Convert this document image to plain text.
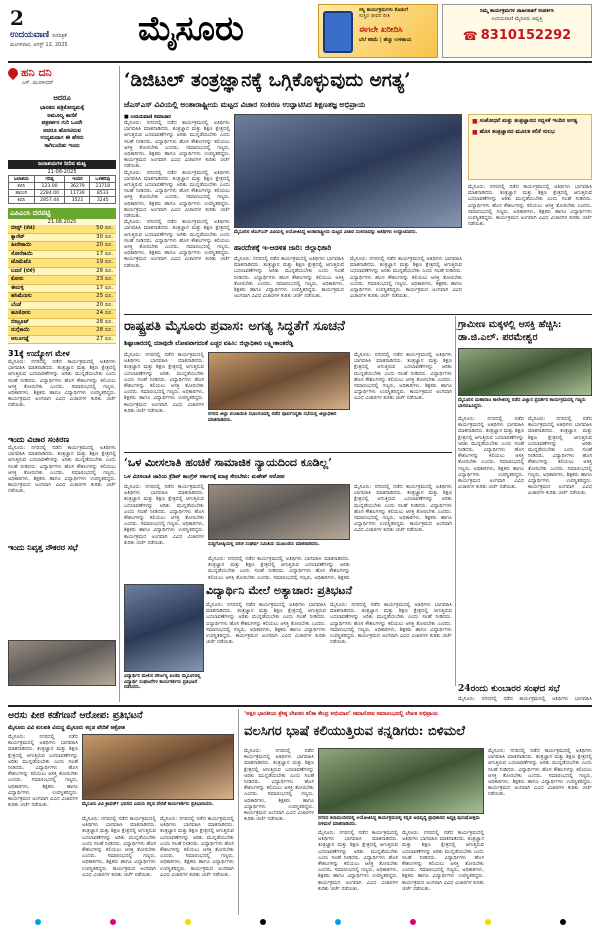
2
ಉದಯವಾಣಿ ದಿನಪತ್ರಿಕೆ
ಮಂಗಳವಾರ, ಆಗಸ್ಟ್ 12, 2025	ಮೈಸೂರು	ಸಸ್ಯಿ ಕಾರ್ಯಕ್ರಮಗಳು ಕೊಡುಗೆ
ಸುಸ್ಥಿರ ಜೀವನ ರೀತಿ
ಈಗಲೇ ಖರೀದಿಸಿ
ಬೆಲೆ ಕಡಿಮೆ | ಹೆಚ್ಚು ಉಳಿತಾಯ
ನಿಮ್ಮ ಕಾರ್ಯಕ್ರಮಗಳ ಜಾಹೀರಾತಿಗೆ ಸಂಪರ್ಕಿಸಿ
ಉದಯವಾಣಿ ಮೈಸೂರು ಆವೃತ್ತಿ
☎ 8310152292
ಹನಿ ದನಿ
ಎಸ್. ಮುರಳೀಧರ್
ಆದರೂ
ಭಾರತದ ಪತ್ರಿಕೋದ್ಯಮಕ್ಕೆ
ಅಮೂಲ್ಯ ಕಾಣಿಕೆ
ಪತ್ರಕರ್ತರ ಗುರಿ ಒಂದೇ
ಆದರೂ ಹೊರಟಿರುವ
ಉದ್ಯಮದಾಗ ಈ ಹೆಸರು
ಸಾಗಿಬಂದಿತು ಇಂದು
ಜಲಾಶಯಗಳ ನೀರಿನ ಮಟ್ಟ
21-08-2025
ಜಲಾಶಯ	ಗರಿಷ್ಠ	ಇಂದಿನ	ಒಳಹರಿವು
ಕಬಿನಿ	123.00	36279	23718
ಹಾರಂಗಿ	2284.00	11739	8533
ಕಬಿನಿ	2857.44	3522	3245
ಎಪಿಎಂಸಿ ದರಪಟ್ಟಿ
21.08.2025
ಬೀನ್ಸ್ (ಕೆಜಿ)	50 ರೂ.
ಕ್ಯಾರೆಟ್	30 ರೂ.
ಹೀರೇಕಾಯಿ	20 ರೂ.
ಸೋರೆಕಾಯಿ	17 ರೂ.
ಟೊಮೆಟೊ	19 ರೂ.
ಬದನೆ (ಬಿಳಿ)	28 ರೂ.
ಕೋಸು	23 ರೂ.
ಈರುಳ್ಳಿ	17 ರೂ.
ಹಸಿಮೆಣಸು	25 ರೂ.
ಬೆಂಡೆ	20 ರೂ.
ಹೂಕೋಸು	24 ರೂ.
ಬೀಟ್ರೂಟ್	28 ರೂ.
ನುಗ್ಗೆಕಾಯಿ	28 ರೂ.
ಆಲೂಗಡ್ಡೆ	27 ರೂ.
31ಕ್ಕೆ ಉದ್ಯೋಗ ಮೇಳ
ಮೈಸೂರು: ನಗರದಲ್ಲಿ ನಡೆದ ಕಾರ್ಯಕ್ರಮದಲ್ಲಿ ಅತಿಥಿಗಳು ಭಾಗವಹಿಸಿ ಮಾತನಾಡಿದರು. ತಂತ್ರಜ್ಞಾನ ಮತ್ತು ಶಿಕ್ಷಣ ಕ್ಷೇತ್ರದಲ್ಲಿ ಆಗುತ್ತಿರುವ ಬದಲಾವಣೆಗಳನ್ನು ಅರಿತು ಮುನ್ನಡೆಯಬೇಕು ಎಂದು ಸಲಹೆ ನೀಡಿದರು. ವಿದ್ಯಾರ್ಥಿಗಳು ಹೊಸ ಕೌಶಲಗಳನ್ನು ಕಲಿಯಲು ಆಸಕ್ತಿ ತೋರಬೇಕು ಎಂದರು. ಸಮಾರಂಭದಲ್ಲಿ ಗಣ್ಯರು, ಅಧಿಕಾರಿಗಳು, ಶಿಕ್ಷಕರು ಹಾಗೂ ವಿದ್ಯಾರ್ಥಿಗಳು ಉಪಸ್ಥಿತರಿದ್ದರು. ಕಾರ್ಯಕ್ರಮದ ಅಂಗವಾಗಿ ವಿವಿಧ ವಿಚಾರಗಳ ಕುರಿತು ಚರ್ಚೆ ನಡೆಯಿತು.
ಇಂದು ವಿಚಾರ ಸಂಕಿರಣ
ಮೈಸೂರು: ನಗರದಲ್ಲಿ ನಡೆದ ಕಾರ್ಯಕ್ರಮದಲ್ಲಿ ಅತಿಥಿಗಳು ಭಾಗವಹಿಸಿ ಮಾತನಾಡಿದರು. ತಂತ್ರಜ್ಞಾನ ಮತ್ತು ಶಿಕ್ಷಣ ಕ್ಷೇತ್ರದಲ್ಲಿ ಆಗುತ್ತಿರುವ ಬದಲಾವಣೆಗಳನ್ನು ಅರಿತು ಮುನ್ನಡೆಯಬೇಕು ಎಂದು ಸಲಹೆ ನೀಡಿದರು. ವಿದ್ಯಾರ್ಥಿಗಳು ಹೊಸ ಕೌಶಲಗಳನ್ನು ಕಲಿಯಲು ಆಸಕ್ತಿ ತೋರಬೇಕು ಎಂದರು. ಸಮಾರಂಭದಲ್ಲಿ ಗಣ್ಯರು, ಅಧಿಕಾರಿಗಳು, ಶಿಕ್ಷಕರು ಹಾಗೂ ವಿದ್ಯಾರ್ಥಿಗಳು ಉಪಸ್ಥಿತರಿದ್ದರು. ಕಾರ್ಯಕ್ರಮದ ಅಂಗವಾಗಿ ವಿವಿಧ ವಿಚಾರಗಳ ಕುರಿತು ಚರ್ಚೆ ನಡೆಯಿತು.
ಇಂದು ನಿವೃತ್ತ ನೌಕರರ ಸಭೆ
‘ಡಿಜಿಟಲ್ ತಂತ್ರಜ್ಞಾನಕ್ಕೆ ಒಗ್ಗಿಕೊಳ್ಳುವುದು ಅಗತ್ಯ’
ಜೆಎಸ್‌ಎಸ್ ವಿವಿಯಲ್ಲಿ ಅಂತಾರಾಷ್ಟ್ರೀಯ ಮಟ್ಟದ ವಿಚಾರ ಸಂಕಿರಣ ಉದ್ಘಾಟಿಸಿದ ಶಿಕ್ಷಣತಜ್ಞ ಅಭಿಪ್ರಾಯ
■ ಉದಯವಾಣಿ ಸಮಾಚಾರ
ಮೈಸೂರು: ನಗರದಲ್ಲಿ ನಡೆದ ಕಾರ್ಯಕ್ರಮದಲ್ಲಿ ಅತಿಥಿಗಳು ಭಾಗವಹಿಸಿ ಮಾತನಾಡಿದರು. ತಂತ್ರಜ್ಞಾನ ಮತ್ತು ಶಿಕ್ಷಣ ಕ್ಷೇತ್ರದಲ್ಲಿ ಆಗುತ್ತಿರುವ ಬದಲಾವಣೆಗಳನ್ನು ಅರಿತು ಮುನ್ನಡೆಯಬೇಕು ಎಂದು ಸಲಹೆ ನೀಡಿದರು. ವಿದ್ಯಾರ್ಥಿಗಳು ಹೊಸ ಕೌಶಲಗಳನ್ನು ಕಲಿಯಲು ಆಸಕ್ತಿ ತೋರಬೇಕು ಎಂದರು. ಸಮಾರಂಭದಲ್ಲಿ ಗಣ್ಯರು, ಅಧಿಕಾರಿಗಳು, ಶಿಕ್ಷಕರು ಹಾಗೂ ವಿದ್ಯಾರ್ಥಿಗಳು ಉಪಸ್ಥಿತರಿದ್ದರು. ಕಾರ್ಯಕ್ರಮದ ಅಂಗವಾಗಿ ವಿವಿಧ ವಿಚಾರಗಳ ಕುರಿತು ಚರ್ಚೆ ನಡೆಯಿತು.
ಮೈಸೂರು: ನಗರದಲ್ಲಿ ನಡೆದ ಕಾರ್ಯಕ್ರಮದಲ್ಲಿ ಅತಿಥಿಗಳು ಭಾಗವಹಿಸಿ ಮಾತನಾಡಿದರು. ತಂತ್ರಜ್ಞಾನ ಮತ್ತು ಶಿಕ್ಷಣ ಕ್ಷೇತ್ರದಲ್ಲಿ ಆಗುತ್ತಿರುವ ಬದಲಾವಣೆಗಳನ್ನು ಅರಿತು ಮುನ್ನಡೆಯಬೇಕು ಎಂದು ಸಲಹೆ ನೀಡಿದರು. ವಿದ್ಯಾರ್ಥಿಗಳು ಹೊಸ ಕೌಶಲಗಳನ್ನು ಕಲಿಯಲು ಆಸಕ್ತಿ ತೋರಬೇಕು ಎಂದರು. ಸಮಾರಂಭದಲ್ಲಿ ಗಣ್ಯರು, ಅಧಿಕಾರಿಗಳು, ಶಿಕ್ಷಕರು ಹಾಗೂ ವಿದ್ಯಾರ್ಥಿಗಳು ಉಪಸ್ಥಿತರಿದ್ದರು. ಕಾರ್ಯಕ್ರಮದ ಅಂಗವಾಗಿ ವಿವಿಧ ವಿಚಾರಗಳ ಕುರಿತು ಚರ್ಚೆ ನಡೆಯಿತು.
ಮೈಸೂರು: ನಗರದಲ್ಲಿ ನಡೆದ ಕಾರ್ಯಕ್ರಮದಲ್ಲಿ ಅತಿಥಿಗಳು ಭಾಗವಹಿಸಿ ಮಾತನಾಡಿದರು. ತಂತ್ರಜ್ಞಾನ ಮತ್ತು ಶಿಕ್ಷಣ ಕ್ಷೇತ್ರದಲ್ಲಿ ಆಗುತ್ತಿರುವ ಬದಲಾವಣೆಗಳನ್ನು ಅರಿತು ಮುನ್ನಡೆಯಬೇಕು ಎಂದು ಸಲಹೆ ನೀಡಿದರು. ವಿದ್ಯಾರ್ಥಿಗಳು ಹೊಸ ಕೌಶಲಗಳನ್ನು ಕಲಿಯಲು ಆಸಕ್ತಿ ತೋರಬೇಕು ಎಂದರು. ಸಮಾರಂಭದಲ್ಲಿ ಗಣ್ಯರು, ಅಧಿಕಾರಿಗಳು, ಶಿಕ್ಷಕರು ಹಾಗೂ ವಿದ್ಯಾರ್ಥಿಗಳು ಉಪಸ್ಥಿತರಿದ್ದರು. ಕಾರ್ಯಕ್ರಮದ ಅಂಗವಾಗಿ ವಿವಿಧ ವಿಚಾರಗಳ ಕುರಿತು ಚರ್ಚೆ ನಡೆಯಿತು.
ಮೈಸೂರಿನ ಜೆಎಸ್‌ಎಸ್ ವಿವಿಯಲ್ಲಿ ಆಯೋಜಿಸಿದ್ದ ಅಂತಾರಾಷ್ಟ್ರೀಯ ಮಟ್ಟದ ವಿಚಾರ ಸಂಕಿರಣವನ್ನು ಅತಿಥಿಗಳು ಉದ್ಘಾಟಿಸಿದರು.
ಹಾರದೇಶಕ್ಕೆ ಇ-ಆಡಳಿತ ಜಾರಿ: ಜಿಲ್ಲಾಧಿಕಾರಿ
ಮೈಸೂರು: ನಗರದಲ್ಲಿ ನಡೆದ ಕಾರ್ಯಕ್ರಮದಲ್ಲಿ ಅತಿಥಿಗಳು ಭಾಗವಹಿಸಿ ಮಾತನಾಡಿದರು. ತಂತ್ರಜ್ಞಾನ ಮತ್ತು ಶಿಕ್ಷಣ ಕ್ಷೇತ್ರದಲ್ಲಿ ಆಗುತ್ತಿರುವ ಬದಲಾವಣೆಗಳನ್ನು ಅರಿತು ಮುನ್ನಡೆಯಬೇಕು ಎಂದು ಸಲಹೆ ನೀಡಿದರು. ವಿದ್ಯಾರ್ಥಿಗಳು ಹೊಸ ಕೌಶಲಗಳನ್ನು ಕಲಿಯಲು ಆಸಕ್ತಿ ತೋರಬೇಕು ಎಂದರು. ಸಮಾರಂಭದಲ್ಲಿ ಗಣ್ಯರು, ಅಧಿಕಾರಿಗಳು, ಶಿಕ್ಷಕರು ಹಾಗೂ ವಿದ್ಯಾರ್ಥಿಗಳು ಉಪಸ್ಥಿತರಿದ್ದರು. ಕಾರ್ಯಕ್ರಮದ ಅಂಗವಾಗಿ ವಿವಿಧ ವಿಚಾರಗಳ ಕುರಿತು ಚರ್ಚೆ ನಡೆಯಿತು.
ಮೈಸೂರು: ನಗರದಲ್ಲಿ ನಡೆದ ಕಾರ್ಯಕ್ರಮದಲ್ಲಿ ಅತಿಥಿಗಳು ಭಾಗವಹಿಸಿ ಮಾತನಾಡಿದರು. ತಂತ್ರಜ್ಞಾನ ಮತ್ತು ಶಿಕ್ಷಣ ಕ್ಷೇತ್ರದಲ್ಲಿ ಆಗುತ್ತಿರುವ ಬದಲಾವಣೆಗಳನ್ನು ಅರಿತು ಮುನ್ನಡೆಯಬೇಕು ಎಂದು ಸಲಹೆ ನೀಡಿದರು. ವಿದ್ಯಾರ್ಥಿಗಳು ಹೊಸ ಕೌಶಲಗಳನ್ನು ಕಲಿಯಲು ಆಸಕ್ತಿ ತೋರಬೇಕು ಎಂದರು. ಸಮಾರಂಭದಲ್ಲಿ ಗಣ್ಯರು, ಅಧಿಕಾರಿಗಳು, ಶಿಕ್ಷಕರು ಹಾಗೂ ವಿದ್ಯಾರ್ಥಿಗಳು ಉಪಸ್ಥಿತರಿದ್ದರು. ಕಾರ್ಯಕ್ರಮದ ಅಂಗವಾಗಿ ವಿವಿಧ ವಿಚಾರಗಳ ಕುರಿತು ಚರ್ಚೆ ನಡೆಯಿತು.
■ ಸಂಶೋಧನೆ ಮತ್ತು ತಂತ್ರಜ್ಞಾನದ ಸದ್ಬಳಕೆ ಇಂದಿನ ಅಗತ್ಯ
■ ಹೊಸ ತಂತ್ರಜ್ಞಾನದ ಮೂಲಕ ಕಲಿಕೆ ಸುಲಭ
ಮೈಸೂರು: ನಗರದಲ್ಲಿ ನಡೆದ ಕಾರ್ಯಕ್ರಮದಲ್ಲಿ ಅತಿಥಿಗಳು ಭಾಗವಹಿಸಿ ಮಾತನಾಡಿದರು. ತಂತ್ರಜ್ಞಾನ ಮತ್ತು ಶಿಕ್ಷಣ ಕ್ಷೇತ್ರದಲ್ಲಿ ಆಗುತ್ತಿರುವ ಬದಲಾವಣೆಗಳನ್ನು ಅರಿತು ಮುನ್ನಡೆಯಬೇಕು ಎಂದು ಸಲಹೆ ನೀಡಿದರು. ವಿದ್ಯಾರ್ಥಿಗಳು ಹೊಸ ಕೌಶಲಗಳನ್ನು ಕಲಿಯಲು ಆಸಕ್ತಿ ತೋರಬೇಕು ಎಂದರು. ಸಮಾರಂಭದಲ್ಲಿ ಗಣ್ಯರು, ಅಧಿಕಾರಿಗಳು, ಶಿಕ್ಷಕರು ಹಾಗೂ ವಿದ್ಯಾರ್ಥಿಗಳು ಉಪಸ್ಥಿತರಿದ್ದರು. ಕಾರ್ಯಕ್ರಮದ ಅಂಗವಾಗಿ ವಿವಿಧ ವಿಚಾರಗಳ ಕುರಿತು ಚರ್ಚೆ ನಡೆಯಿತು.
ರಾಷ್ಟ್ರಪತಿ ಮೈಸೂರು ಪ್ರವಾಸ: ಅಗತ್ಯ ಸಿದ್ಧತೆಗೆ ಸೂಚನೆ
ಶಿಷ್ಟಾಚಾರದಲ್ಲಿ ಯಾವುದೇ ಲೋಪವಾಗದಂತೆ ಎಚ್ಚರ ವಹಿಸಿ: ಜಿಲ್ಲಾಧಿಕಾರಿ ಲಕ್ಷ್ಮೀಕಾಂತರೆಡ್ಡಿ
ಮೈಸೂರು: ನಗರದಲ್ಲಿ ನಡೆದ ಕಾರ್ಯಕ್ರಮದಲ್ಲಿ ಅತಿಥಿಗಳು ಭಾಗವಹಿಸಿ ಮಾತನಾಡಿದರು. ತಂತ್ರಜ್ಞಾನ ಮತ್ತು ಶಿಕ್ಷಣ ಕ್ಷೇತ್ರದಲ್ಲಿ ಆಗುತ್ತಿರುವ ಬದಲಾವಣೆಗಳನ್ನು ಅರಿತು ಮುನ್ನಡೆಯಬೇಕು ಎಂದು ಸಲಹೆ ನೀಡಿದರು. ವಿದ್ಯಾರ್ಥಿಗಳು ಹೊಸ ಕೌಶಲಗಳನ್ನು ಕಲಿಯಲು ಆಸಕ್ತಿ ತೋರಬೇಕು ಎಂದರು. ಸಮಾರಂಭದಲ್ಲಿ ಗಣ್ಯರು, ಅಧಿಕಾರಿಗಳು, ಶಿಕ್ಷಕರು ಹಾಗೂ ವಿದ್ಯಾರ್ಥಿಗಳು ಉಪಸ್ಥಿತರಿದ್ದರು. ಕಾರ್ಯಕ್ರಮದ ಅಂಗವಾಗಿ ವಿವಿಧ ವಿಚಾರಗಳ ಕುರಿತು ಚರ್ಚೆ ನಡೆಯಿತು.
ನಗರದ ಜಿಲ್ಲಾ ಪಂಚಾಯಿತಿ ಸಭಾಂಗಣದಲ್ಲಿ ನಡೆದ ಪೂರ್ವಸಿದ್ಧತಾ ಸಭೆಯಲ್ಲಿ ಜಿಲ್ಲಾಧಿಕಾರಿ ಮಾತನಾಡಿದರು.
ಮೈಸೂರು: ನಗರದಲ್ಲಿ ನಡೆದ ಕಾರ್ಯಕ್ರಮದಲ್ಲಿ ಅತಿಥಿಗಳು ಭಾಗವಹಿಸಿ ಮಾತನಾಡಿದರು. ತಂತ್ರಜ್ಞಾನ ಮತ್ತು ಶಿಕ್ಷಣ ಕ್ಷೇತ್ರದಲ್ಲಿ ಆಗುತ್ತಿರುವ ಬದಲಾವಣೆಗಳನ್ನು ಅರಿತು ಮುನ್ನಡೆಯಬೇಕು ಎಂದು ಸಲಹೆ ನೀಡಿದರು. ವಿದ್ಯಾರ್ಥಿಗಳು ಹೊಸ ಕೌಶಲಗಳನ್ನು ಕಲಿಯಲು ಆಸಕ್ತಿ ತೋರಬೇಕು ಎಂದರು. ಸಮಾರಂಭದಲ್ಲಿ ಗಣ್ಯರು, ಅಧಿಕಾರಿಗಳು, ಶಿಕ್ಷಕರು ಹಾಗೂ ವಿದ್ಯಾರ್ಥಿಗಳು ಉಪಸ್ಥಿತರಿದ್ದರು. ಕಾರ್ಯಕ್ರಮದ ಅಂಗವಾಗಿ ವಿವಿಧ ವಿಚಾರಗಳ ಕುರಿತು ಚರ್ಚೆ ನಡೆಯಿತು.
ಗ್ರಾಮೀಣ ಮಕ್ಕಳಲ್ಲಿ ಆಸಕ್ತಿ ಹೆಚ್ಚಿಸಿ: ಡಾ.ಜಿ.ಎಲ್. ಪರಮೇಶ್ವರ
ಮೈಸೂರಿನ ಮಹಾರಾಜ ಕಾಲೇಜಿನಲ್ಲಿ ನಡೆದ ವಿಜ್ಞಾನ ಪ್ರದರ್ಶನ ಕಾರ್ಯಕ್ರಮದಲ್ಲಿ ಗಣ್ಯರು ಭಾಗವಹಿಸಿದ್ದರು.
ಮೈಸೂರು: ನಗರದಲ್ಲಿ ನಡೆದ ಕಾರ್ಯಕ್ರಮದಲ್ಲಿ ಅತಿಥಿಗಳು ಭಾಗವಹಿಸಿ ಮಾತನಾಡಿದರು. ತಂತ್ರಜ್ಞಾನ ಮತ್ತು ಶಿಕ್ಷಣ ಕ್ಷೇತ್ರದಲ್ಲಿ ಆಗುತ್ತಿರುವ ಬದಲಾವಣೆಗಳನ್ನು ಅರಿತು ಮುನ್ನಡೆಯಬೇಕು ಎಂದು ಸಲಹೆ ನೀಡಿದರು. ವಿದ್ಯಾರ್ಥಿಗಳು ಹೊಸ ಕೌಶಲಗಳನ್ನು ಕಲಿಯಲು ಆಸಕ್ತಿ ತೋರಬೇಕು ಎಂದರು. ಸಮಾರಂಭದಲ್ಲಿ ಗಣ್ಯರು, ಅಧಿಕಾರಿಗಳು, ಶಿಕ್ಷಕರು ಹಾಗೂ ವಿದ್ಯಾರ್ಥಿಗಳು ಉಪಸ್ಥಿತರಿದ್ದರು. ಕಾರ್ಯಕ್ರಮದ ಅಂಗವಾಗಿ ವಿವಿಧ ವಿಚಾರಗಳ ಕುರಿತು ಚರ್ಚೆ ನಡೆಯಿತು.
ಮೈಸೂರು: ನಗರದಲ್ಲಿ ನಡೆದ ಕಾರ್ಯಕ್ರಮದಲ್ಲಿ ಅತಿಥಿಗಳು ಭಾಗವಹಿಸಿ ಮಾತನಾಡಿದರು. ತಂತ್ರಜ್ಞಾನ ಮತ್ತು ಶಿಕ್ಷಣ ಕ್ಷೇತ್ರದಲ್ಲಿ ಆಗುತ್ತಿರುವ ಬದಲಾವಣೆಗಳನ್ನು ಅರಿತು ಮುನ್ನಡೆಯಬೇಕು ಎಂದು ಸಲಹೆ ನೀಡಿದರು. ವಿದ್ಯಾರ್ಥಿಗಳು ಹೊಸ ಕೌಶಲಗಳನ್ನು ಕಲಿಯಲು ಆಸಕ್ತಿ ತೋರಬೇಕು ಎಂದರು. ಸಮಾರಂಭದಲ್ಲಿ ಗಣ್ಯರು, ಅಧಿಕಾರಿಗಳು, ಶಿಕ್ಷಕರು ಹಾಗೂ ವಿದ್ಯಾರ್ಥಿಗಳು ಉಪಸ್ಥಿತರಿದ್ದರು. ಕಾರ್ಯಕ್ರಮದ ಅಂಗವಾಗಿ ವಿವಿಧ ವಿಚಾರಗಳ ಕುರಿತು ಚರ್ಚೆ ನಡೆಯಿತು.
‘ಒಳ ಮೀಸಲಾತಿ ಹಂಚಿಕೆ ಸಾಮಾಜಿಕ ನ್ಯಾಯದಿಂದ ಕೂಡಿಲ್ಲ’
ಒಳ ಮೀಸಲಾತಿ ಜಾರಿಯ ಕ್ರೆಡಿಟ್ ಕಾಂಗ್ರೆಸ್ ಸರ್ಕಾರಕ್ಕೆ ಮಾತ್ರ ಸೇರಬೇಕು: ಮಹೇಶ್ ಆರೋಪ
ಮೈಸೂರು: ನಗರದಲ್ಲಿ ನಡೆದ ಕಾರ್ಯಕ್ರಮದಲ್ಲಿ ಅತಿಥಿಗಳು ಭಾಗವಹಿಸಿ ಮಾತನಾಡಿದರು. ತಂತ್ರಜ್ಞಾನ ಮತ್ತು ಶಿಕ್ಷಣ ಕ್ಷೇತ್ರದಲ್ಲಿ ಆಗುತ್ತಿರುವ ಬದಲಾವಣೆಗಳನ್ನು ಅರಿತು ಮುನ್ನಡೆಯಬೇಕು ಎಂದು ಸಲಹೆ ನೀಡಿದರು. ವಿದ್ಯಾರ್ಥಿಗಳು ಹೊಸ ಕೌಶಲಗಳನ್ನು ಕಲಿಯಲು ಆಸಕ್ತಿ ತೋರಬೇಕು ಎಂದರು. ಸಮಾರಂಭದಲ್ಲಿ ಗಣ್ಯರು, ಅಧಿಕಾರಿಗಳು, ಶಿಕ್ಷಕರು ಹಾಗೂ ವಿದ್ಯಾರ್ಥಿಗಳು ಉಪಸ್ಥಿತರಿದ್ದರು. ಕಾರ್ಯಕ್ರಮದ ಅಂಗವಾಗಿ ವಿವಿಧ ವಿಚಾರಗಳ ಕುರಿತು ಚರ್ಚೆ ನಡೆಯಿತು.	ಸುದ್ದಿಗೋಷ್ಠಿಯಲ್ಲಿ ದಲಿತ ಸಂಘರ್ಷ ಸಮಿತಿಯ ಮುಖಂಡರು ಮಾತನಾಡಿದರು.
ಮೈಸೂರು: ನಗರದಲ್ಲಿ ನಡೆದ ಕಾರ್ಯಕ್ರಮದಲ್ಲಿ ಅತಿಥಿಗಳು ಭಾಗವಹಿಸಿ ಮಾತನಾಡಿದರು. ತಂತ್ರಜ್ಞಾನ ಮತ್ತು ಶಿಕ್ಷಣ ಕ್ಷೇತ್ರದಲ್ಲಿ ಆಗುತ್ತಿರುವ ಬದಲಾವಣೆಗಳನ್ನು ಅರಿತು ಮುನ್ನಡೆಯಬೇಕು ಎಂದು ಸಲಹೆ ನೀಡಿದರು. ವಿದ್ಯಾರ್ಥಿಗಳು ಹೊಸ ಕೌಶಲಗಳನ್ನು ಕಲಿಯಲು ಆಸಕ್ತಿ ತೋರಬೇಕು ಎಂದರು. ಸಮಾರಂಭದಲ್ಲಿ ಗಣ್ಯರು, ಅಧಿಕಾರಿಗಳು, ಶಿಕ್ಷಕರು
ಮೈಸೂರು: ನಗರದಲ್ಲಿ ನಡೆದ ಕಾರ್ಯಕ್ರಮದಲ್ಲಿ ಅತಿಥಿಗಳು ಭಾಗವಹಿಸಿ ಮಾತನಾಡಿದರು. ತಂತ್ರಜ್ಞಾನ ಮತ್ತು ಶಿಕ್ಷಣ ಕ್ಷೇತ್ರದಲ್ಲಿ ಆಗುತ್ತಿರುವ ಬದಲಾವಣೆಗಳನ್ನು ಅರಿತು ಮುನ್ನಡೆಯಬೇಕು ಎಂದು ಸಲಹೆ ನೀಡಿದರು. ವಿದ್ಯಾರ್ಥಿಗಳು ಹೊಸ ಕೌಶಲಗಳನ್ನು ಕಲಿಯಲು ಆಸಕ್ತಿ ತೋರಬೇಕು ಎಂದರು. ಸಮಾರಂಭದಲ್ಲಿ ಗಣ್ಯರು, ಅಧಿಕಾರಿಗಳು, ಶಿಕ್ಷಕರು ಹಾಗೂ ವಿದ್ಯಾರ್ಥಿಗಳು ಉಪಸ್ಥಿತರಿದ್ದರು. ಕಾರ್ಯಕ್ರಮದ ಅಂಗವಾಗಿ ವಿವಿಧ ವಿಚಾರಗಳ ಕುರಿತು ಚರ್ಚೆ ನಡೆಯಿತು.
ವಿದ್ಯಾರ್ಥಿನಿ ಮೇಲೆ ಅತ್ಯಾಚಾರ: ಪ್ರತಿಭಟನೆ
ವಿದ್ಯಾರ್ಥಿನಿ ಮೇಲಿನ ದೌರ್ಜನ್ಯ ಖಂಡಿಸಿ ಮೈಸೂರಿನಲ್ಲಿ ವಿದ್ಯಾರ್ಥಿ ಸಂಘಟನೆಗಳ ಕಾರ್ಯಕರ್ತರು ಪ್ರತಿಭಟನೆ ನಡೆಸಿದರು.
ಮೈಸೂರು: ನಗರದಲ್ಲಿ ನಡೆದ ಕಾರ್ಯಕ್ರಮದಲ್ಲಿ ಅತಿಥಿಗಳು ಭಾಗವಹಿಸಿ ಮಾತನಾಡಿದರು. ತಂತ್ರಜ್ಞಾನ ಮತ್ತು ಶಿಕ್ಷಣ ಕ್ಷೇತ್ರದಲ್ಲಿ ಆಗುತ್ತಿರುವ ಬದಲಾವಣೆಗಳನ್ನು ಅರಿತು ಮುನ್ನಡೆಯಬೇಕು ಎಂದು ಸಲಹೆ ನೀಡಿದರು. ವಿದ್ಯಾರ್ಥಿಗಳು ಹೊಸ ಕೌಶಲಗಳನ್ನು ಕಲಿಯಲು ಆಸಕ್ತಿ ತೋರಬೇಕು ಎಂದರು. ಸಮಾರಂಭದಲ್ಲಿ ಗಣ್ಯರು, ಅಧಿಕಾರಿಗಳು, ಶಿಕ್ಷಕರು ಹಾಗೂ ವಿದ್ಯಾರ್ಥಿಗಳು ಉಪಸ್ಥಿತರಿದ್ದರು. ಕಾರ್ಯಕ್ರಮದ ಅಂಗವಾಗಿ ವಿವಿಧ ವಿಚಾರಗಳ ಕುರಿತು ಚರ್ಚೆ ನಡೆಯಿತು.
ಮೈಸೂರು: ನಗರದಲ್ಲಿ ನಡೆದ ಕಾರ್ಯಕ್ರಮದಲ್ಲಿ ಅತಿಥಿಗಳು ಭಾಗವಹಿಸಿ ಮಾತನಾಡಿದರು. ತಂತ್ರಜ್ಞಾನ ಮತ್ತು ಶಿಕ್ಷಣ ಕ್ಷೇತ್ರದಲ್ಲಿ ಆಗುತ್ತಿರುವ ಬದಲಾವಣೆಗಳನ್ನು ಅರಿತು ಮುನ್ನಡೆಯಬೇಕು ಎಂದು ಸಲಹೆ ನೀಡಿದರು. ವಿದ್ಯಾರ್ಥಿಗಳು ಹೊಸ ಕೌಶಲಗಳನ್ನು ಕಲಿಯಲು ಆಸಕ್ತಿ ತೋರಬೇಕು ಎಂದರು. ಸಮಾರಂಭದಲ್ಲಿ ಗಣ್ಯರು, ಅಧಿಕಾರಿಗಳು, ಶಿಕ್ಷಕರು ಹಾಗೂ ವಿದ್ಯಾರ್ಥಿಗಳು ಉಪಸ್ಥಿತರಿದ್ದರು. ಕಾರ್ಯಕ್ರಮದ ಅಂಗವಾಗಿ ವಿವಿಧ ವಿಚಾರಗಳ ಕುರಿತು ಚರ್ಚೆ ನಡೆಯಿತು.
24ರಂದು ಕುಂಬಾರರ ಸಂಘದ ಸಭೆ
ಮೈಸೂರು: ನಗರದಲ್ಲಿ ನಡೆದ ಕಾರ್ಯಕ್ರಮದಲ್ಲಿ ಅತಿಥಿಗಳು ಭಾಗವಹಿಸಿ
ಅರಸು ಪೀಠ ಕಡೆಗಣನೆ ಆರೋಪ: ಪ್ರತಿಭಟನೆ
ಮೈಸೂರು ವಿವಿ ಕುಲಪತಿ ವಿರುದ್ಧ ಮೈಸೂರು ಕನ್ನಡ ವೇದಿಕೆ ಆಕ್ರೋಶ
ಮೈಸೂರು: ನಗರದಲ್ಲಿ ನಡೆದ ಕಾರ್ಯಕ್ರಮದಲ್ಲಿ ಅತಿಥಿಗಳು ಭಾಗವಹಿಸಿ ಮಾತನಾಡಿದರು. ತಂತ್ರಜ್ಞಾನ ಮತ್ತು ಶಿಕ್ಷಣ ಕ್ಷೇತ್ರದಲ್ಲಿ ಆಗುತ್ತಿರುವ ಬದಲಾವಣೆಗಳನ್ನು ಅರಿತು ಮುನ್ನಡೆಯಬೇಕು ಎಂದು ಸಲಹೆ ನೀಡಿದರು. ವಿದ್ಯಾರ್ಥಿಗಳು ಹೊಸ ಕೌಶಲಗಳನ್ನು ಕಲಿಯಲು ಆಸಕ್ತಿ ತೋರಬೇಕು ಎಂದರು. ಸಮಾರಂಭದಲ್ಲಿ ಗಣ್ಯರು, ಅಧಿಕಾರಿಗಳು, ಶಿಕ್ಷಕರು ಹಾಗೂ ವಿದ್ಯಾರ್ಥಿಗಳು ಉಪಸ್ಥಿತರಿದ್ದರು. ಕಾರ್ಯಕ್ರಮದ ಅಂಗವಾಗಿ ವಿವಿಧ ವಿಚಾರಗಳ ಕುರಿತು ಚರ್ಚೆ ನಡೆಯಿತು.	ಮೈಸೂರು ವಿವಿ ಕ್ರಾಫರ್ಡ್ ಭವನದ ಎದುರು ಕನ್ನಡ ವೇದಿಕೆ ಕಾರ್ಯಕರ್ತರು ಪ್ರತಿಭಟಿಸಿದರು.
ಮೈಸೂರು: ನಗರದಲ್ಲಿ ನಡೆದ ಕಾರ್ಯಕ್ರಮದಲ್ಲಿ ಅತಿಥಿಗಳು ಭಾಗವಹಿಸಿ ಮಾತನಾಡಿದರು. ತಂತ್ರಜ್ಞಾನ ಮತ್ತು ಶಿಕ್ಷಣ ಕ್ಷೇತ್ರದಲ್ಲಿ ಆಗುತ್ತಿರುವ ಬದಲಾವಣೆಗಳನ್ನು ಅರಿತು ಮುನ್ನಡೆಯಬೇಕು ಎಂದು ಸಲಹೆ ನೀಡಿದರು. ವಿದ್ಯಾರ್ಥಿಗಳು ಹೊಸ ಕೌಶಲಗಳನ್ನು ಕಲಿಯಲು ಆಸಕ್ತಿ ತೋರಬೇಕು ಎಂದರು. ಸಮಾರಂಭದಲ್ಲಿ ಗಣ್ಯರು, ಅಧಿಕಾರಿಗಳು, ಶಿಕ್ಷಕರು ಹಾಗೂ ವಿದ್ಯಾರ್ಥಿಗಳು ಉಪಸ್ಥಿತರಿದ್ದರು. ಕಾರ್ಯಕ್ರಮದ ಅಂಗವಾಗಿ ವಿವಿಧ ವಿಚಾರಗಳ ಕುರಿತು ಚರ್ಚೆ ನಡೆಯಿತು.
ಮೈಸೂರು: ನಗರದಲ್ಲಿ ನಡೆದ ಕಾರ್ಯಕ್ರಮದಲ್ಲಿ ಅತಿಥಿಗಳು ಭಾಗವಹಿಸಿ ಮಾತನಾಡಿದರು. ತಂತ್ರಜ್ಞಾನ ಮತ್ತು ಶಿಕ್ಷಣ ಕ್ಷೇತ್ರದಲ್ಲಿ ಆಗುತ್ತಿರುವ ಬದಲಾವಣೆಗಳನ್ನು ಅರಿತು ಮುನ್ನಡೆಯಬೇಕು ಎಂದು ಸಲಹೆ ನೀಡಿದರು. ವಿದ್ಯಾರ್ಥಿಗಳು ಹೊಸ ಕೌಶಲಗಳನ್ನು ಕಲಿಯಲು ಆಸಕ್ತಿ ತೋರಬೇಕು ಎಂದರು. ಸಮಾರಂಭದಲ್ಲಿ ಗಣ್ಯರು, ಅಧಿಕಾರಿಗಳು, ಶಿಕ್ಷಕರು ಹಾಗೂ ವಿದ್ಯಾರ್ಥಿಗಳು ಉಪಸ್ಥಿತರಿದ್ದರು. ಕಾರ್ಯಕ್ರಮದ ಅಂಗವಾಗಿ ವಿವಿಧ ವಿಚಾರಗಳ ಕುರಿತು ಚರ್ಚೆ ನಡೆಯಿತು.
‘ಅಕ್ಷರ ಭಾರತೀಯ ಶ್ರೇಷ್ಠ ಲೇಖಕರ ಕಲಿಕಾ ಕೇಂದ್ರ ಅಭಿಯಾನ’ ಸಮಾರೋಪ ಸಮಾರಂಭದಲ್ಲಿ ಲೇಖಕ ಅಭಿಪ್ರಾಯ
ವಲಸಿಗರ ಭಾಷೆ ಕಲಿಯುತ್ತಿರುವ ಕನ್ನಡಿಗರು: ಬಿಳಿಮಲೆ
ಮೈಸೂರು: ನಗರದಲ್ಲಿ ನಡೆದ ಕಾರ್ಯಕ್ರಮದಲ್ಲಿ ಅತಿಥಿಗಳು ಭಾಗವಹಿಸಿ ಮಾತನಾಡಿದರು. ತಂತ್ರಜ್ಞಾನ ಮತ್ತು ಶಿಕ್ಷಣ ಕ್ಷೇತ್ರದಲ್ಲಿ ಆಗುತ್ತಿರುವ ಬದಲಾವಣೆಗಳನ್ನು ಅರಿತು ಮುನ್ನಡೆಯಬೇಕು ಎಂದು ಸಲಹೆ ನೀಡಿದರು. ವಿದ್ಯಾರ್ಥಿಗಳು ಹೊಸ ಕೌಶಲಗಳನ್ನು ಕಲಿಯಲು ಆಸಕ್ತಿ ತೋರಬೇಕು ಎಂದರು. ಸಮಾರಂಭದಲ್ಲಿ ಗಣ್ಯರು, ಅಧಿಕಾರಿಗಳು, ಶಿಕ್ಷಕರು ಹಾಗೂ ವಿದ್ಯಾರ್ಥಿಗಳು ಉಪಸ್ಥಿತರಿದ್ದರು. ಕಾರ್ಯಕ್ರಮದ ಅಂಗವಾಗಿ ವಿವಿಧ ವಿಚಾರಗಳ ಕುರಿತು ಚರ್ಚೆ ನಡೆಯಿತು.	ನಗರದ ಕಲಾಮಂದಿರದಲ್ಲಿ ಆಯೋಜಿಸಿದ್ದ ಕಾರ್ಯಕ್ರಮದಲ್ಲಿ ಕನ್ನಡ ಅಭಿವೃದ್ಧಿ ಪ್ರಾಧಿಕಾರದ ಅಧ್ಯಕ್ಷ ಪುರುಷೋತ್ತಮ ಬಿಳಿಮಲೆ ಮಾತನಾಡಿದರು.
ಮೈಸೂರು: ನಗರದಲ್ಲಿ ನಡೆದ ಕಾರ್ಯಕ್ರಮದಲ್ಲಿ ಅತಿಥಿಗಳು ಭಾಗವಹಿಸಿ ಮಾತನಾಡಿದರು. ತಂತ್ರಜ್ಞಾನ ಮತ್ತು ಶಿಕ್ಷಣ ಕ್ಷೇತ್ರದಲ್ಲಿ ಆಗುತ್ತಿರುವ ಬದಲಾವಣೆಗಳನ್ನು ಅರಿತು ಮುನ್ನಡೆಯಬೇಕು ಎಂದು ಸಲಹೆ ನೀಡಿದರು. ವಿದ್ಯಾರ್ಥಿಗಳು ಹೊಸ ಕೌಶಲಗಳನ್ನು ಕಲಿಯಲು ಆಸಕ್ತಿ ತೋರಬೇಕು ಎಂದರು. ಸಮಾರಂಭದಲ್ಲಿ ಗಣ್ಯರು, ಅಧಿಕಾರಿಗಳು, ಶಿಕ್ಷಕರು ಹಾಗೂ ವಿದ್ಯಾರ್ಥಿಗಳು ಉಪಸ್ಥಿತರಿದ್ದರು. ಕಾರ್ಯಕ್ರಮದ ಅಂಗವಾಗಿ ವಿವಿಧ ವಿಚಾರಗಳ ಕುರಿತು ಚರ್ಚೆ ನಡೆಯಿತು.
ಮೈಸೂರು: ನಗರದಲ್ಲಿ ನಡೆದ ಕಾರ್ಯಕ್ರಮದಲ್ಲಿ ಅತಿಥಿಗಳು ಭಾಗವಹಿಸಿ ಮಾತನಾಡಿದರು. ತಂತ್ರಜ್ಞಾನ ಮತ್ತು ಶಿಕ್ಷಣ ಕ್ಷೇತ್ರದಲ್ಲಿ ಆಗುತ್ತಿರುವ ಬದಲಾವಣೆಗಳನ್ನು ಅರಿತು ಮುನ್ನಡೆಯಬೇಕು ಎಂದು ಸಲಹೆ ನೀಡಿದರು. ವಿದ್ಯಾರ್ಥಿಗಳು ಹೊಸ ಕೌಶಲಗಳನ್ನು ಕಲಿಯಲು ಆಸಕ್ತಿ ತೋರಬೇಕು ಎಂದರು. ಸಮಾರಂಭದಲ್ಲಿ ಗಣ್ಯರು, ಅಧಿಕಾರಿಗಳು, ಶಿಕ್ಷಕರು ಹಾಗೂ ವಿದ್ಯಾರ್ಥಿಗಳು ಉಪಸ್ಥಿತರಿದ್ದರು. ಕಾರ್ಯಕ್ರಮದ ಅಂಗವಾಗಿ ವಿವಿಧ ವಿಚಾರಗಳ ಕುರಿತು ಚರ್ಚೆ ನಡೆಯಿತು.
ಮೈಸೂರು: ನಗರದಲ್ಲಿ ನಡೆದ ಕಾರ್ಯಕ್ರಮದಲ್ಲಿ ಅತಿಥಿಗಳು ಭಾಗವಹಿಸಿ ಮಾತನಾಡಿದರು. ತಂತ್ರಜ್ಞಾನ ಮತ್ತು ಶಿಕ್ಷಣ ಕ್ಷೇತ್ರದಲ್ಲಿ ಆಗುತ್ತಿರುವ ಬದಲಾವಣೆಗಳನ್ನು ಅರಿತು ಮುನ್ನಡೆಯಬೇಕು ಎಂದು ಸಲಹೆ ನೀಡಿದರು. ವಿದ್ಯಾರ್ಥಿಗಳು ಹೊಸ ಕೌಶಲಗಳನ್ನು ಕಲಿಯಲು ಆಸಕ್ತಿ ತೋರಬೇಕು ಎಂದರು. ಸಮಾರಂಭದಲ್ಲಿ ಗಣ್ಯರು, ಅಧಿಕಾರಿಗಳು, ಶಿಕ್ಷಕರು ಹಾಗೂ ವಿದ್ಯಾರ್ಥಿಗಳು ಉಪಸ್ಥಿತರಿದ್ದರು. ಕಾರ್ಯಕ್ರಮದ ಅಂಗವಾಗಿ ವಿವಿಧ ವಿಚಾರಗಳ ಕುರಿತು ಚರ್ಚೆ ನಡೆಯಿತು.
